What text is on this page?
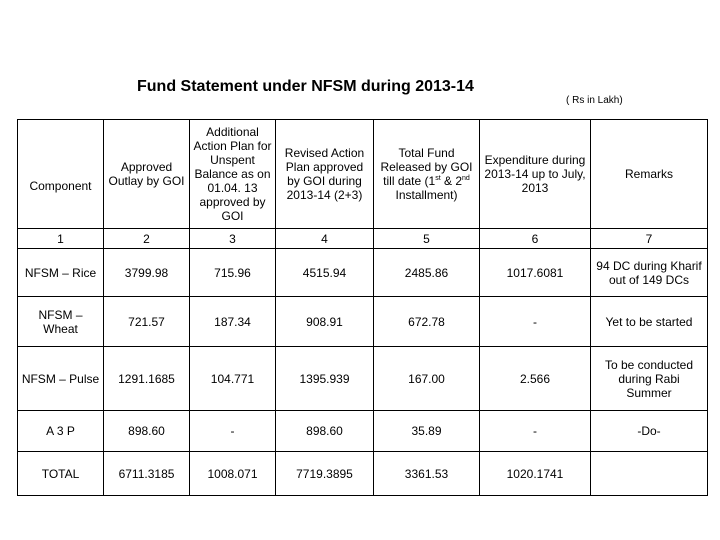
Fund Statement under NFSM during 2013-14
( Rs in Lakh)
Component	Approved Outlay by GOI	Additional Action Plan for Unspent Balance as on 01.04. 13 approved by GOI	Revised Action Plan approved by GOI during 2013-14 (2+3)	Total Fund Released by GOI till date (1st & 2nd Installment)	Expenditure during 2013-14 up to July, 2013	Remarks
1	2	3	4	5	6	7
NFSM – Rice	3799.98	715.96	4515.94	2485.86	1017.6081	94 DC during Kharif out of 149 DCs
NFSM – Wheat	721.57	187.34	908.91	672.78	-	Yet to be started
NFSM – Pulse	1291.1685	104.771	1395.939	167.00	2.566	To be conducted during Rabi Summer
A 3 P	898.60	-	898.60	35.89	-	-Do-
TOTAL	6711.3185	1008.071	7719.3895	3361.53	1020.1741	
